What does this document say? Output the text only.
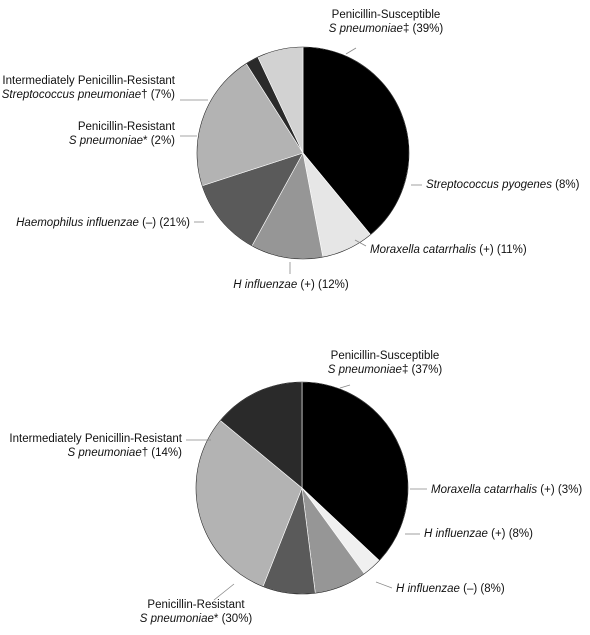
Penicillin-Susceptible S pneumoniae‡ (39%)
Streptococcus pyogenes (8%)
Moraxella catarrhalis (+) (11%)
H influenzae (+) (12%)
Haemophilus influenzae (–) (21%)
Penicillin-Resistant S pneumoniae* (2%)
Intermediately Penicillin-Resistant Streptococcus pneumoniae† (7%)
Penicillin-Susceptible S pneumoniae‡ (37%)
Moraxella catarrhalis (+) (3%)
H influenzae (+) (8%)
H influenzae (–) (8%)
Penicillin-Resistant S pneumoniae* (30%)
Intermediately Penicillin-Resistant S pneumoniae† (14%)
